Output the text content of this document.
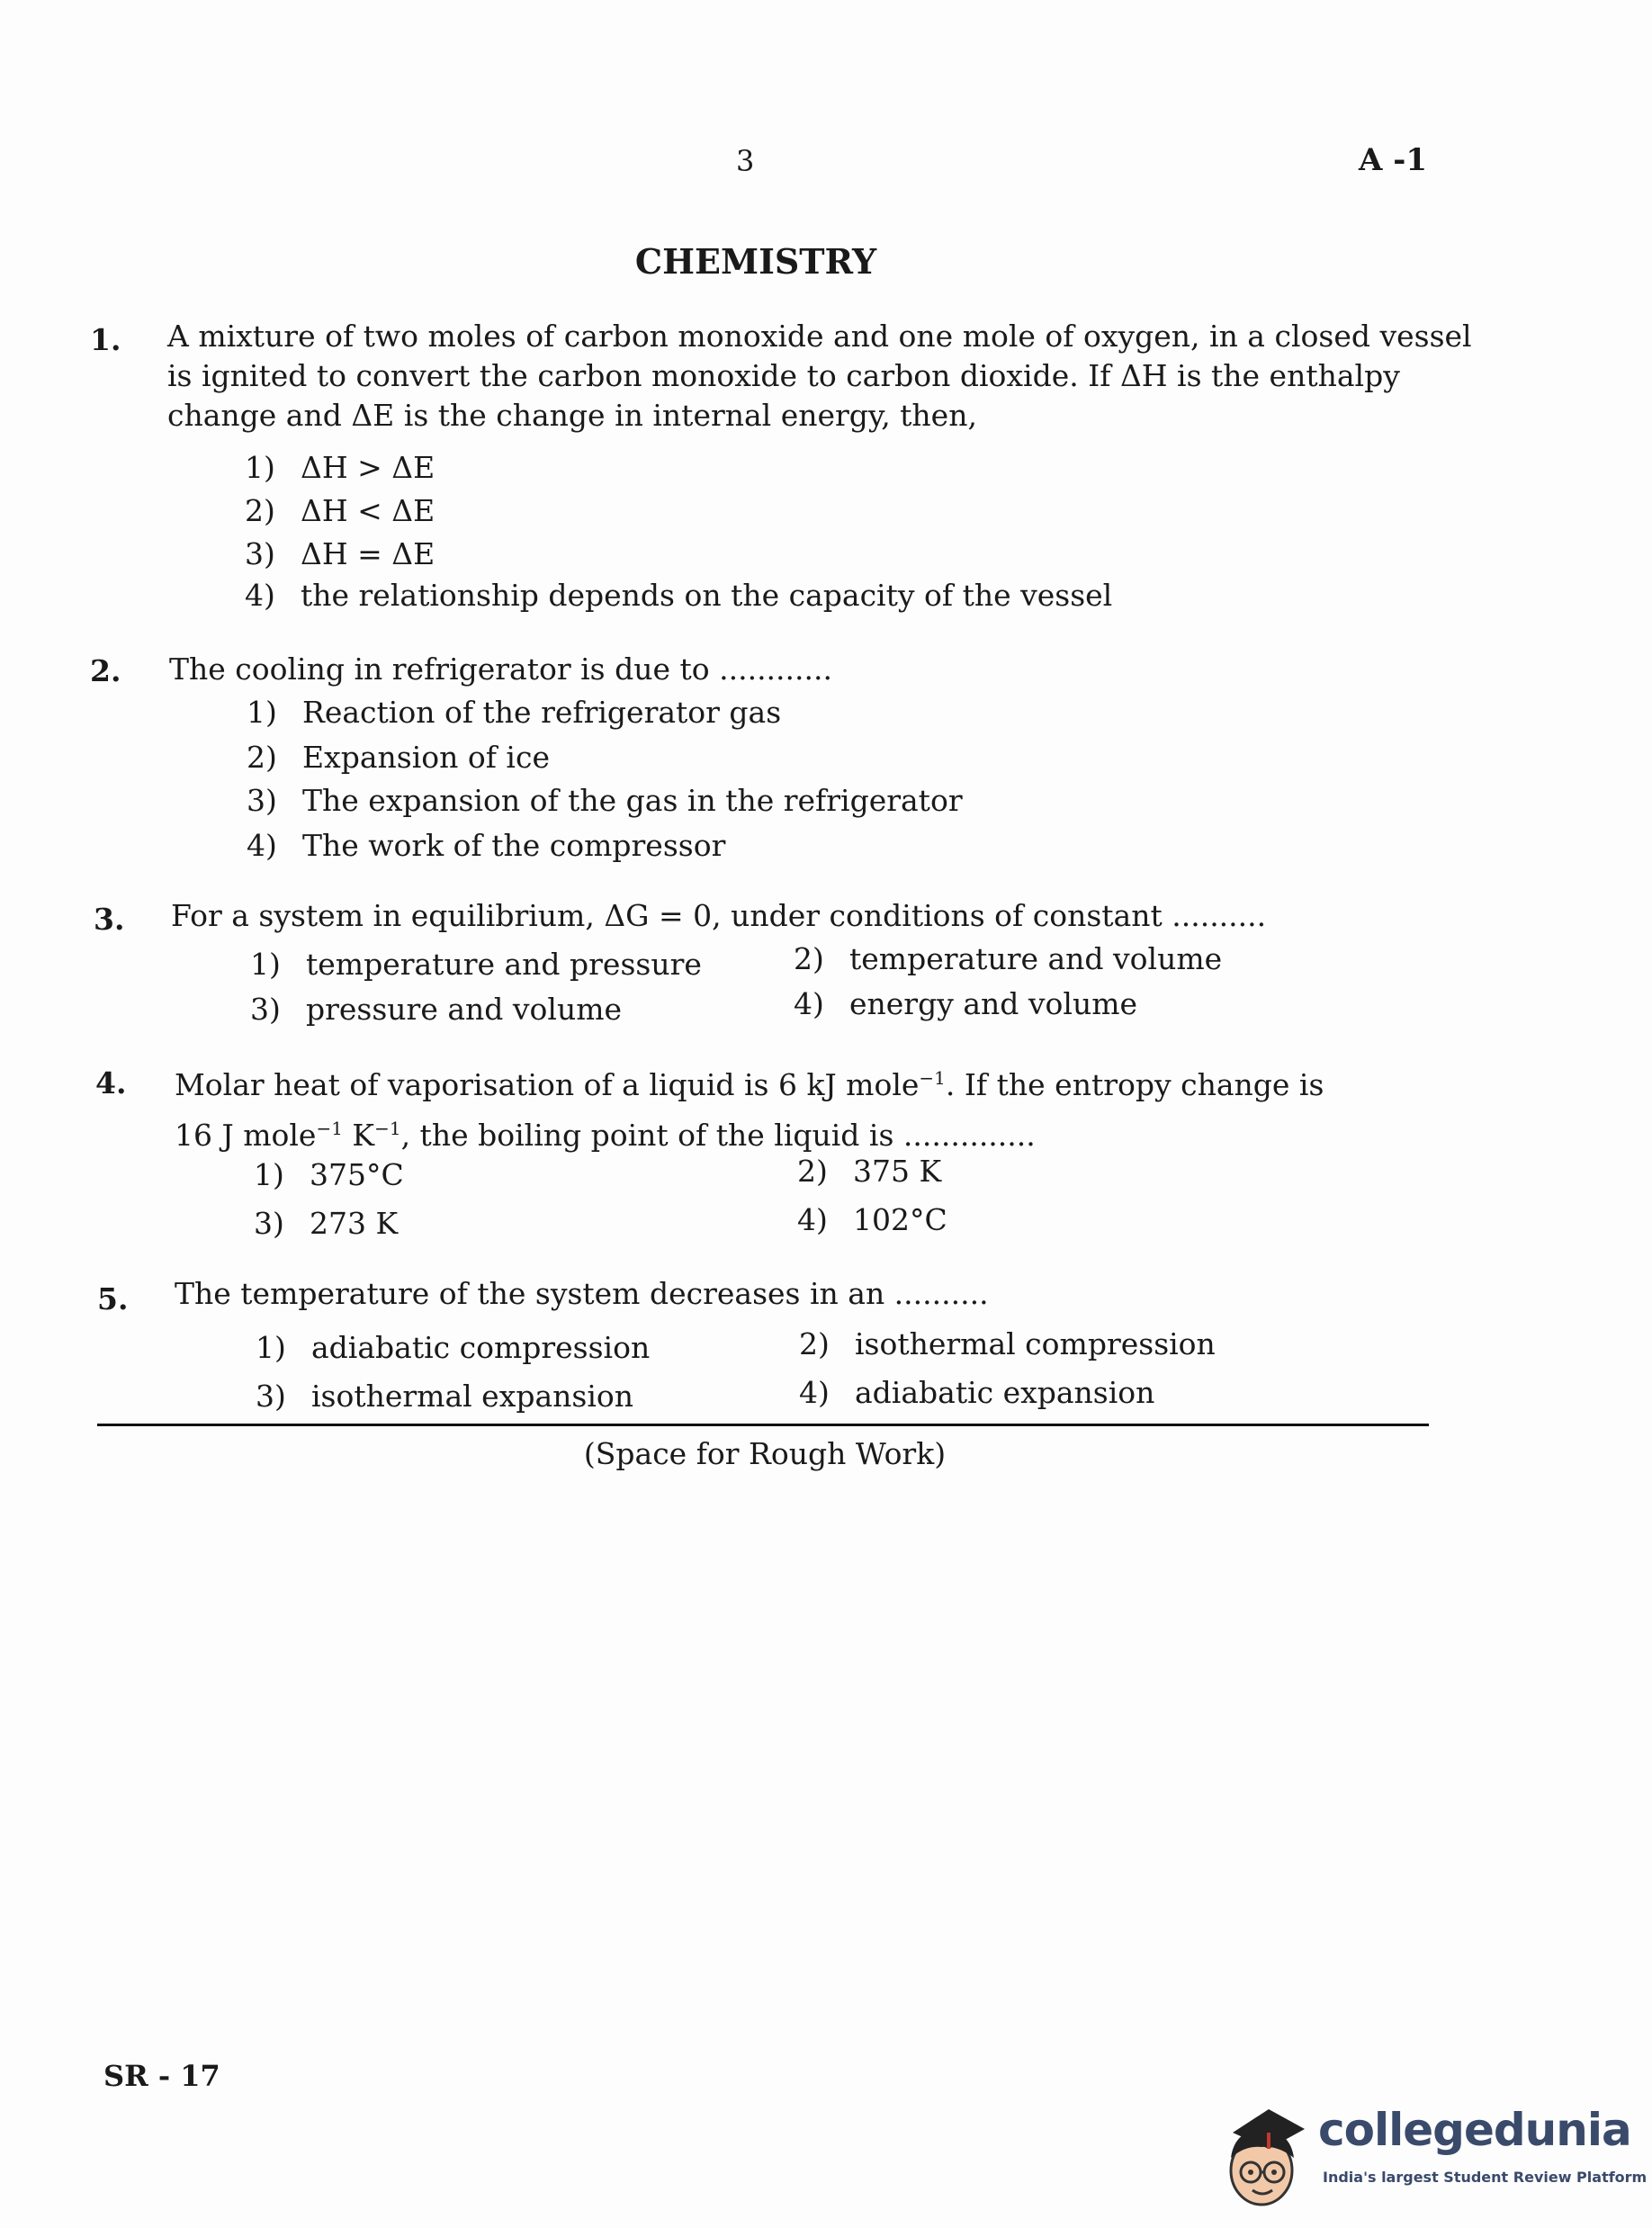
3	A -1
CHEMISTRY
1. A mixture of two moles of carbon monoxide and one mole of oxygen, in a closed vessel is ignited to convert the carbon monoxide to carbon dioxide. If ΔH is the enthalpy change and ΔE is the change in internal energy, then,
1) ΔH > ΔE
2) ΔH < ΔE
3) ΔH = ΔE
4) the relationship depends on the capacity of the vessel
2. The cooling in refrigerator is due to ............
1) Reaction of the refrigerator gas
2) Expansion of ice
3) The expansion of the gas in the refrigerator
4) The work of the compressor
3. For a system in equilibrium, ΔG = 0, under conditions of constant ..........
1) temperature and pressure	2) temperature and volume
3) pressure and volume	4) energy and volume
4. Molar heat of vaporisation of a liquid is 6 kJ mole$^{-1}$. If the entropy change is
16 J mole$^{-1}$ $K^{-1}$, the boiling point of the liquid is ..............
1) 375°C	2) 375 K
3) 273 K	4) 102°C
5. The temperature of the system decreases in an ..........
1) adiabatic compression	2) isothermal compression
3) isothermal expansion	4) adiabatic expansion
(Space for Rough Work)
SR - 17
collegedunia
India's largest Student Review Platform
